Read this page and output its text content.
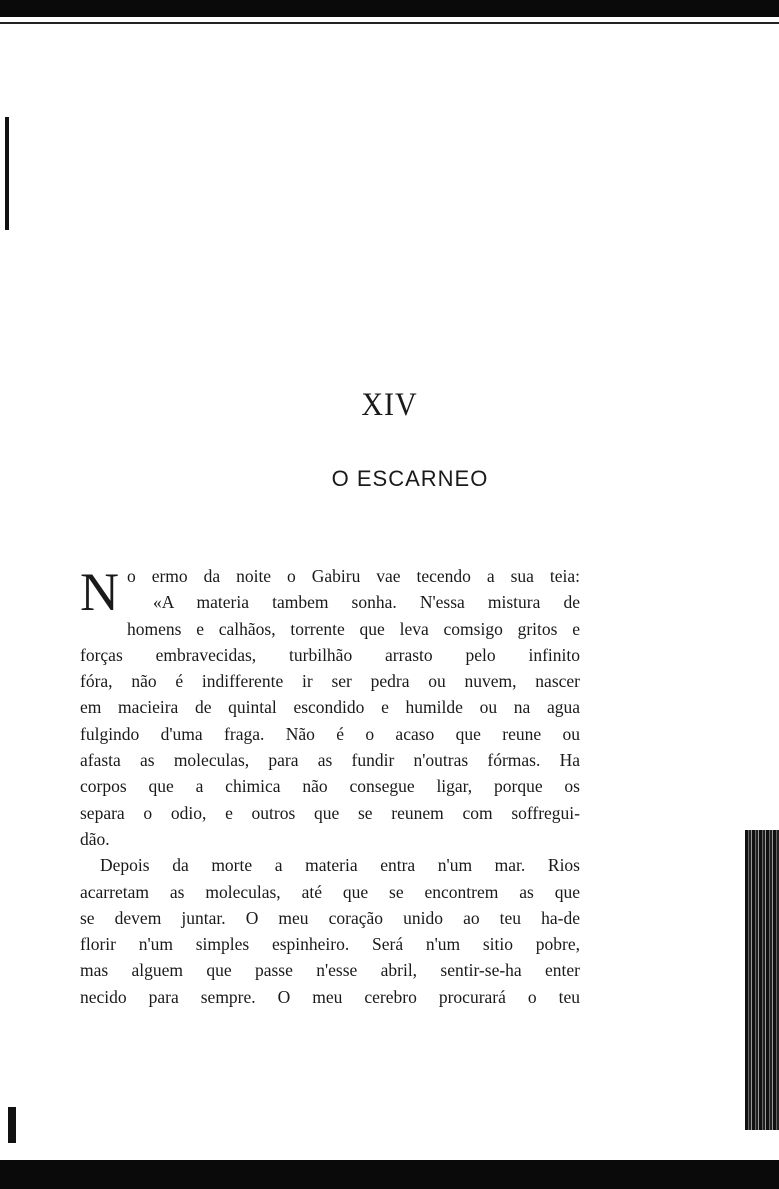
XIV
O ESCARNEO
N o ermo da noite o Gabiru vae tecendo a sua teia:
«A materia tambem sonha. N'essa mistura de
homens e calhãos, torrente que leva comsigo gritos e
forças embravecidas, turbilhão arrasto pelo infinito
fóra, não é indifferente ir ser pedra ou nuvem, nascer
em macieira de quintal escondido e humilde ou na agua
fulgindo d'uma fraga. Não é o acaso que reune ou
afasta as moleculas, para as fundir n'outras fórmas. Ha
corpos que a chimica não consegue ligar, porque os
separa o odio, e outros que se reunem com soffregui-
dão.
Depois da morte a materia entra n'um mar. Rios
acarretam as moleculas, até que se encontrem as que
se devem juntar. O meu coração unido ao teu ha-de
florir n'um simples espinheiro. Será n'um sitio pobre,
mas alguem que passe n'esse abril, sentir-se-ha enter
necido para sempre. O meu cerebro procurará o teu
